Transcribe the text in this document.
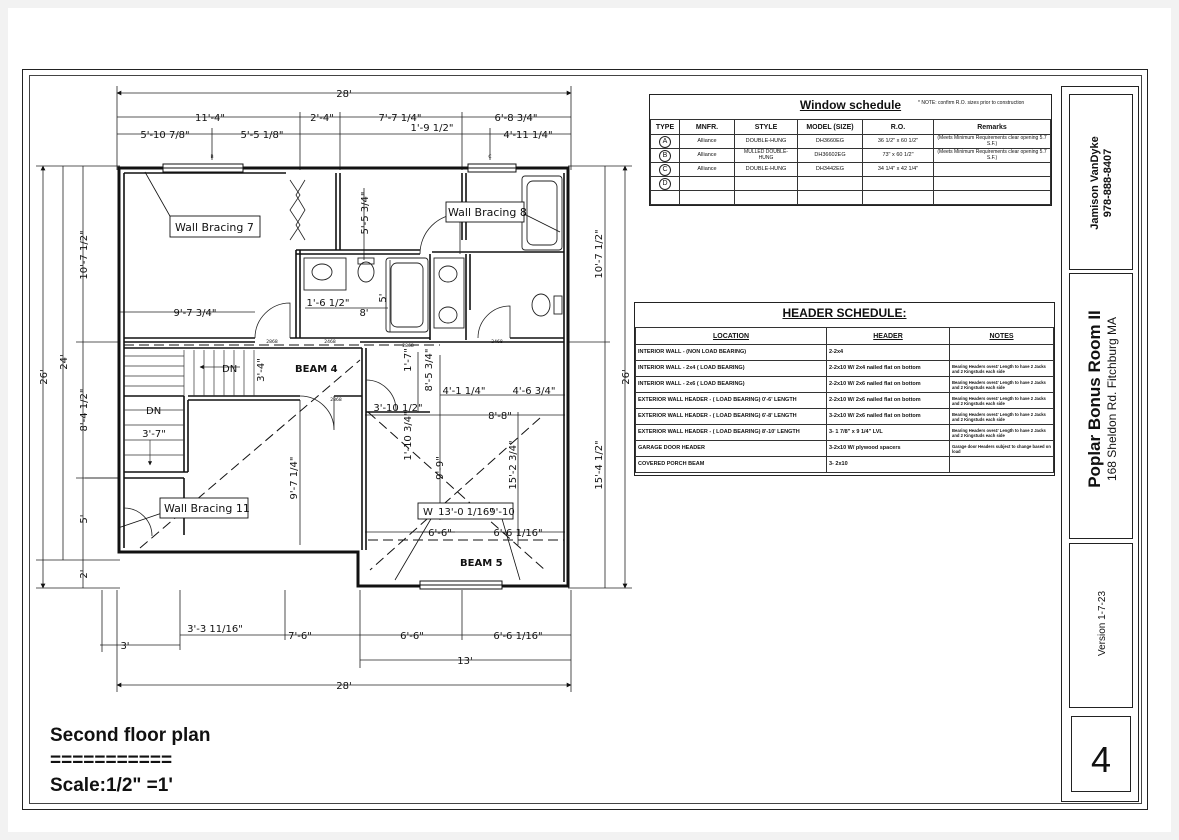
Wall Bracing 7
Wall Bracing 8
Wall Bracing 11
BEAM 4
BEAM 5
DN
DN
28'
11'-4"	2'-4"	7'-7 1/4"	6'-8 3/4"
5'-10 7/8"	5'-5 1/8"
1'-9 1/2"
4'-11 1/4"
9'-7 3/4"
1'-6 1/2"
8'
4'-1 1/4"	4'-6 3/4"
3'-10 1/2"
8'-8"
3'-7"
W 13'-0 1/16"
9'-10
6'-6"	6'-6 1/16"
3'-3 11/16"
3'
7'-6"	6'-6"	6'-6 1/16"
13'
28'
10'-7 1/2"
24'
26'
8'-4 1/2"
5'
2'
10'-7 1/2"
26'
15'-4 1/2"
5'-5 3/4"
5'
3'-4"	1'-7" 8'-5 3/4"
1'-10 3/4"
9'-9"
9'-7 1/4"	15'-2 3/4"
2868	2468
2868
2468
2868
B	C
Window schedule	* NOTE: confirm R.O. sizes prior to construction
TYPE	MNFR.	STYLE	MODEL (SIZE)	R.O.	Remarks
A	Alliance	DOUBLE-HUNG	DH3660EG	36 1/2" x 60 1/2"	(Meets Minimum Requirements clear opening 5.7 S.F.)
B	Alliance	MULLED DOUBLE-HUNG	DH36602EG	73" x 60 1/2"	(Meets Minimum Requirements clear opening 5.7 S.F.)
C	Alliance	DOUBLE-HUNG	DH3442EG	34 1/4" x 42 1/4"	
D					

HEADER SCHEDULE:
LOCATION	HEADER	NOTES
INTERIOR WALL - (NON LOAD BEARING)	2-2x4	
INTERIOR WALL - 2x4 ( LOAD BEARING)	2-2x10 W/ 2x4 nailed flat on bottom	Bearing Headers over4' Length to have 2 Jacks and 2 Kingstuds each side
INTERIOR WALL - 2x6 ( LOAD BEARING)	2-2x10 W/ 2x6 nailed flat on bottom	Bearing Headers over4' Length to have 2 Jacks and 2 Kingstuds each side
EXTERIOR WALL HEADER - ( LOAD BEARING) 0'-6' LENGTH	2-2x10 W/ 2x6 nailed flat on bottom	Bearing Headers over4' Length to have 2 Jacks and 2 Kingstuds each side
EXTERIOR WALL HEADER - ( LOAD BEARING) 6'-8' LENGTH	3-2x10 W/ 2x6 nailed flat on bottom	Bearing Headers over4' Length to have 2 Jacks and 2 Kingstuds each side
EXTERIOR WALL HEADER - ( LOAD BEARING) 8'-10' LENGTH	3- 1 7/8" x 9 1/4" LVL	Bearing Headers over4' Length to have 2 Jacks and 2 Kingstuds each side
GARAGE DOOR HEADER	3-2x10 W/ plywood spacers	Garage door Headers subject to change based on load
COVERED PORCH BEAM	3- 2x10	
Jamison VanDyke 978-888-8407
Poplar Bonus Room II 168 Sheldon Rd. Fitchburg MA
Version 1-7-23
4
Second floor plan
===========
Scale:1/2" =1'
